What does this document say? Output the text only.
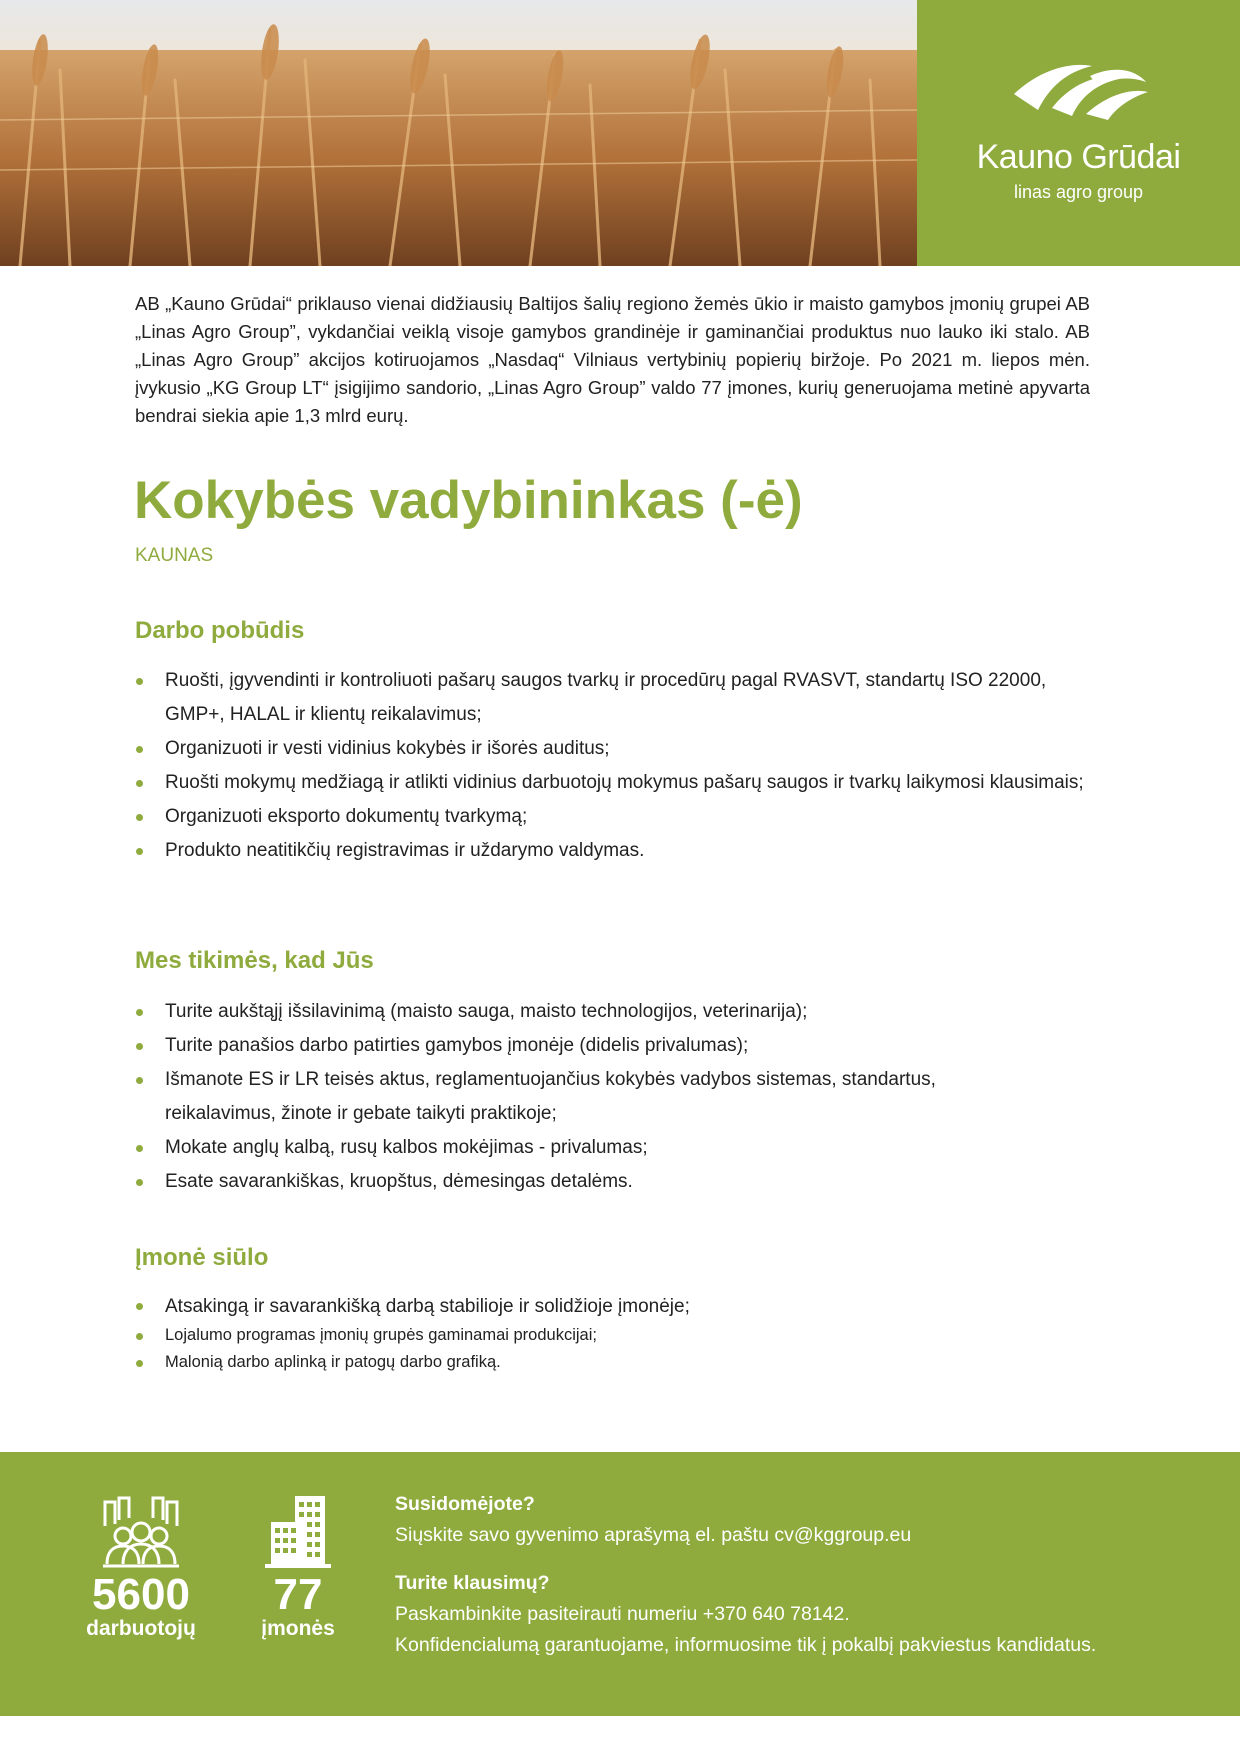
Kauno Grūdai
linas agro group
AB „Kauno Grūdai“ priklauso vienai didžiausių Baltijos šalių regiono žemės ūkio ir maisto gamybos įmonių grupei AB „Linas Agro Group”, vykdančiai veiklą visoje gamybos grandinėje ir gaminančiai produktus nuo lauko iki stalo. AB „Linas Agro Group” akcijos kotiruojamos „Nasdaq“ Vilniaus vertybinių popierių biržoje. Po 2021 m. liepos mėn. įvykusio „KG Group LT“ įsigijimo sandorio, „Linas Agro Group” valdo 77 įmones, kurių generuojama metinė apyvarta bendrai siekia apie 1,3 mlrd eurų.
Kokybės vadybininkas (-ė)
KAUNAS
Darbo pobūdis
Ruošti, įgyvendinti ir kontroliuoti pašarų saugos tvarkų ir procedūrų pagal RVASVT, standartų ISO 22000, GMP+, HALAL ir klientų reikalavimus;
Organizuoti ir vesti vidinius kokybės ir išorės auditus;
Ruošti mokymų medžiagą ir atlikti vidinius darbuotojų mokymus pašarų saugos ir tvarkų laikymosi klausimais;
Organizuoti eksporto dokumentų tvarkymą;
Produkto neatitikčių registravimas ir uždarymo valdymas.
Mes tikimės, kad Jūs
Turite aukštąjį išsilavinimą (maisto sauga, maisto technologijos, veterinarija);
Turite panašios darbo patirties gamybos įmonėje (didelis privalumas);
Išmanote ES ir LR teisės aktus, reglamentuojančius kokybės vadybos sistemas, standartus, reikalavimus, žinote ir gebate taikyti praktikoje;
Mokate anglų kalbą, rusų kalbos mokėjimas - privalumas;
Esate savarankiškas, kruopštus, dėmesingas detalėms.
Įmonė siūlo
Atsakingą ir savarankišką darbą stabilioje ir solidžioje įmonėje;
Lojalumo programas įmonių grupės gaminamai produkcijai;
Malonią darbo aplinką ir patogų darbo grafiką.
5600
darbuotojų
77
įmonės
Susidomėjote?
Siųskite savo gyvenimo aprašymą el. paštu cv@kggroup.eu
Turite klausimų?
Paskambinkite pasiteirauti numeriu +370 640 78142.
Konfidencialumą garantuojame, informuosime tik į pokalbį pakviestus kandidatus.
